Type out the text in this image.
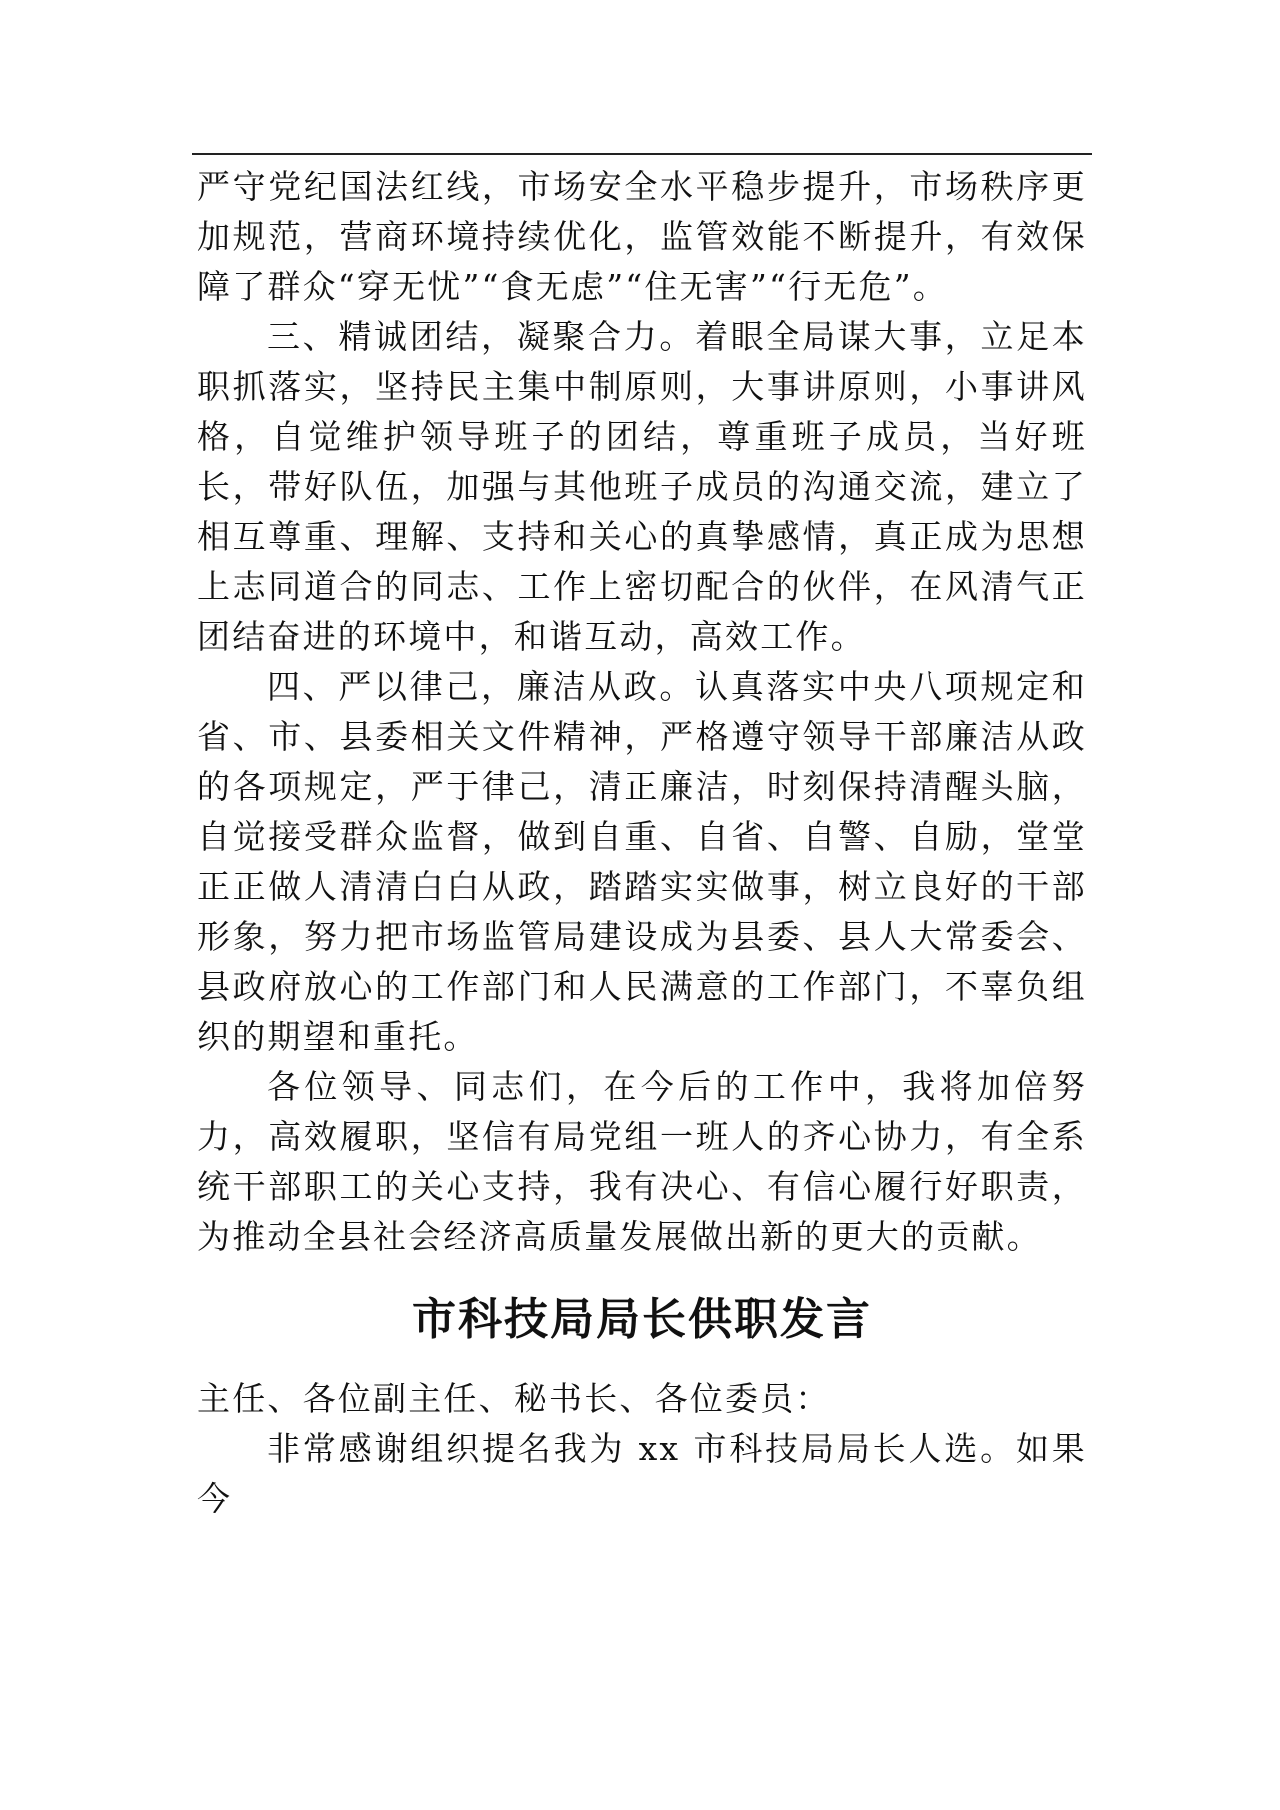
严守党纪国法红线，市场安全水平稳步提升，市场秩序更加规范，营商环境持续优化，监管效能不断提升，有效保障了群众“穿无忧”“食无虑”“住无害”“行无危”。

三、精诚团结，凝聚合力。着眼全局谋大事，立足本职抓落实，坚持民主集中制原则，大事讲原则，小事讲风格，自觉维护领导班子的团结，尊重班子成员，当好班长，带好队伍，加强与其他班子成员的沟通交流，建立了相互尊重、理解、支持和关心的真挚感情，真正成为思想上志同道合的同志、工作上密切配合的伙伴，在风清气正团结奋进的环境中，和谐互动，高效工作。

四、严以律己，廉洁从政。认真落实中央八项规定和省、市、县委相关文件精神，严格遵守领导干部廉洁从政的各项规定，严于律己，清正廉洁，时刻保持清醒头脑，自觉接受群众监督，做到自重、自省、自警、自励，堂堂正正做人清清白白从政，踏踏实实做事，树立良好的干部形象，努力把市场监管局建设成为县委、县人大常委会、县政府放心的工作部门和人民满意的工作部门，不辜负组织的期望和重托。

各位领导、同志们，在今后的工作中，我将加倍努力，高效履职，坚信有局党组一班人的齐心协力，有全系统干部职工的关心支持，我有决心、有信心履行好职责，为推动全县社会经济高质量发展做出新的更大的贡献。

市科技局局长供职发言

主任、各位副主任、秘书长、各位委员：

非常感谢组织提名我为 xx 市科技局局长人选。如果今
